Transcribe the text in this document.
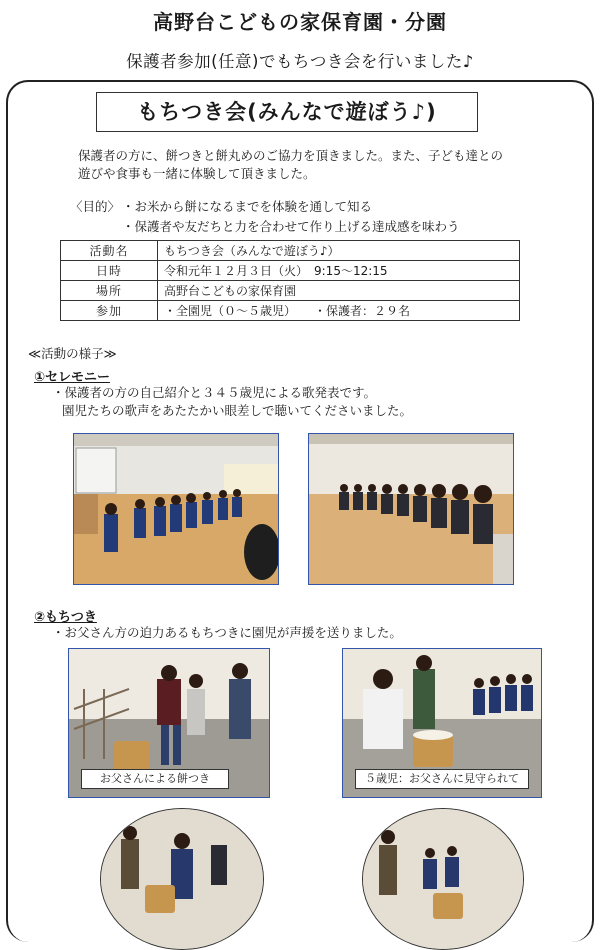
高野台こどもの家保育園・分園
保護者参加(任意)でもちつき会を行いました♪
もちつき会(みんなで遊ぼう♪)
保護者の方に、餅つきと餅丸めのご協力を頂きました。また、子ども達との
遊びや食事も一緒に体験して頂きました。
〈目的〉 ・お米から餅になるまでを体験を通して知る
・保護者や友だちと力を合わせて作り上げる達成感を味わう
活動名	もちつき会（みんなで遊ぼう♪）
日時	令和元年１２月３日（火）　9:15～12:15
場所	高野台こどもの家保育園
参加	・全園児（０～５歳児）　　・保護者：２９名
≪活動の様子≫
①セレモニー
・保護者の方の自己紹介と３４５歳児による歌発表です。
園児たちの歌声をあたたかい眼差しで聴いてくださいました。
②もちつき
・お父さん方の迫力あるもちつきに園児が声援を送りました。
お父さんによる餅つき	５歳児：お父さんに見守られて
